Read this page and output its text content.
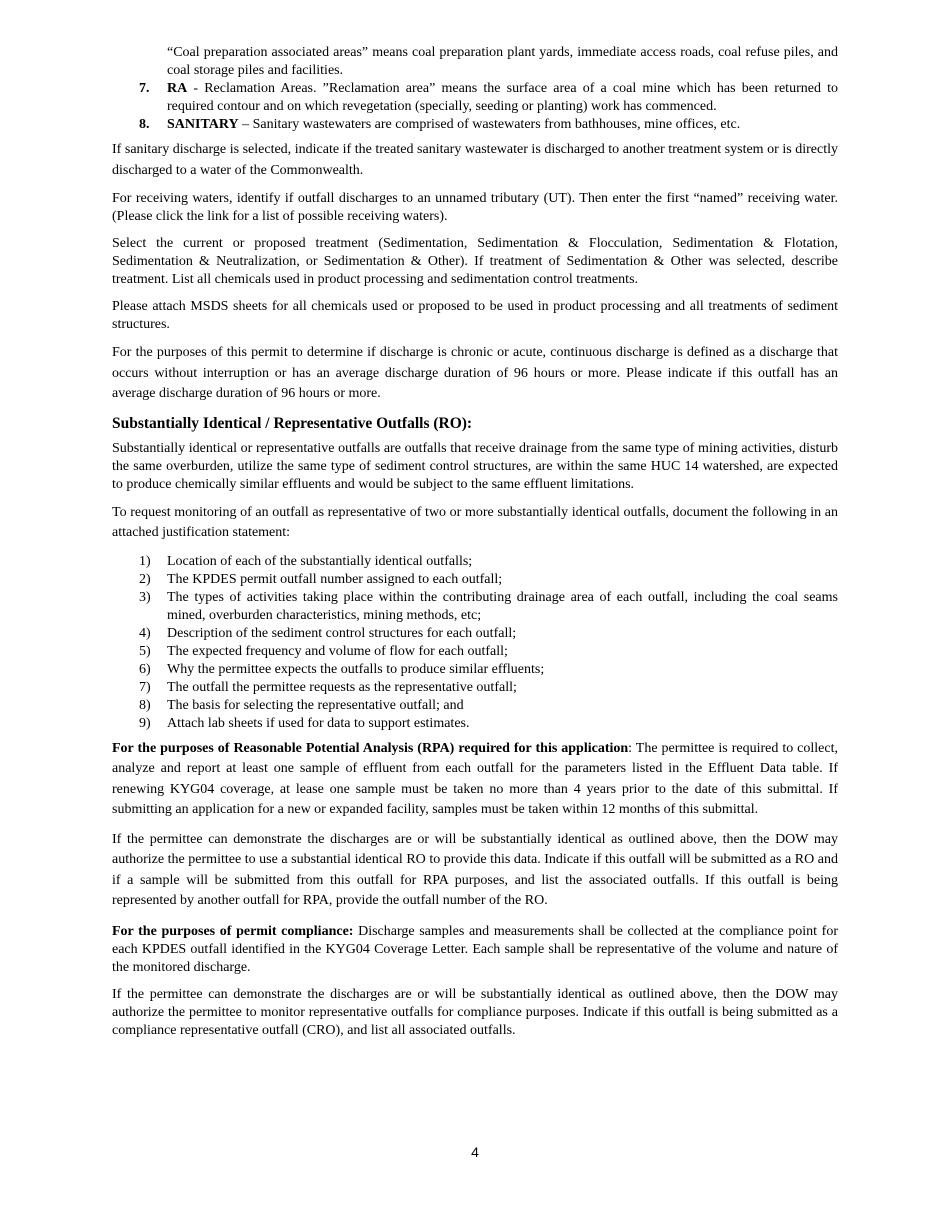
“Coal preparation associated areas” means coal preparation plant yards, immediate access roads, coal refuse piles, and coal storage piles and facilities.

7.	RA - Reclamation Areas. ”Reclamation area” means the surface area of a coal mine which has been returned to required contour and on which revegetation (specially, seeding or planting) work has commenced.

8.	SANITARY – Sanitary wastewaters are comprised of wastewaters from bathhouses, mine offices, etc.

If sanitary discharge is selected, indicate if the treated sanitary wastewater is discharged to another treatment system or is directly discharged to a water of the Commonwealth.

For receiving waters, identify if outfall discharges to an unnamed tributary (UT). Then enter the first “named” receiving water. (Please click the link for a list of possible receiving waters).

Select the current or proposed treatment (Sedimentation, Sedimentation & Flocculation, Sedimentation & Flotation, Sedimentation & Neutralization, or Sedimentation & Other). If treatment of Sedimentation & Other was selected, describe treatment. List all chemicals used in product processing and sedimentation control treatments.

Please attach MSDS sheets for all chemicals used or proposed to be used in product processing and all treatments of sediment structures.

For the purposes of this permit to determine if discharge is chronic or acute, continuous discharge is defined as a discharge that occurs without interruption or has an average discharge duration of 96 hours or more. Please indicate if this outfall has an average discharge duration of 96 hours or more.

Substantially Identical / Representative Outfalls (RO):

Substantially identical or representative outfalls are outfalls that receive drainage from the same type of mining activities, disturb the same overburden, utilize the same type of sediment control structures, are within the same HUC 14 watershed, are expected to produce chemically similar effluents and would be subject to the same effluent limitations.

To request monitoring of an outfall as representative of two or more substantially identical outfalls, document the following in an attached justification statement:

1)	Location of each of the substantially identical outfalls;
2)	The KPDES permit outfall number assigned to each outfall;
3)	The types of activities taking place within the contributing drainage area of each outfall, including the coal seams mined, overburden characteristics, mining methods, etc;
4)	Description of the sediment control structures for each outfall;
5)	The expected frequency and volume of flow for each outfall;
6)	Why the permittee expects the outfalls to produce similar effluents;
7)	The outfall the permittee requests as the representative outfall;
8)	The basis for selecting the representative outfall; and
9)	Attach lab sheets if used for data to support estimates.

For the purposes of Reasonable Potential Analysis (RPA) required for this application: The permittee is required to collect, analyze and report at least one sample of effluent from each outfall for the parameters listed in the Effluent Data table. If renewing KYG04 coverage, at lease one sample must be taken no more than 4 years prior to the date of this submittal. If submitting an application for a new or expanded facility, samples must be taken within 12 months of this submittal.

If the permittee can demonstrate the discharges are or will be substantially identical as outlined above, then the DOW may authorize the permittee to use a substantial identical RO to provide this data. Indicate if this outfall will be submitted as a RO and if a sample will be submitted from this outfall for RPA purposes, and list the associated outfalls. If this outfall is being represented by another outfall for RPA, provide the outfall number of the RO.

For the purposes of permit compliance: Discharge samples and measurements shall be collected at the compliance point for each KPDES outfall identified in the KYG04 Coverage Letter. Each sample shall be representative of the volume and nature of the monitored discharge.

If the permittee can demonstrate the discharges are or will be substantially identical as outlined above, then the DOW may authorize the permittee to monitor representative outfalls for compliance purposes. Indicate if this outfall is being submitted as a compliance representative outfall (CRO), and list all associated outfalls.

4
